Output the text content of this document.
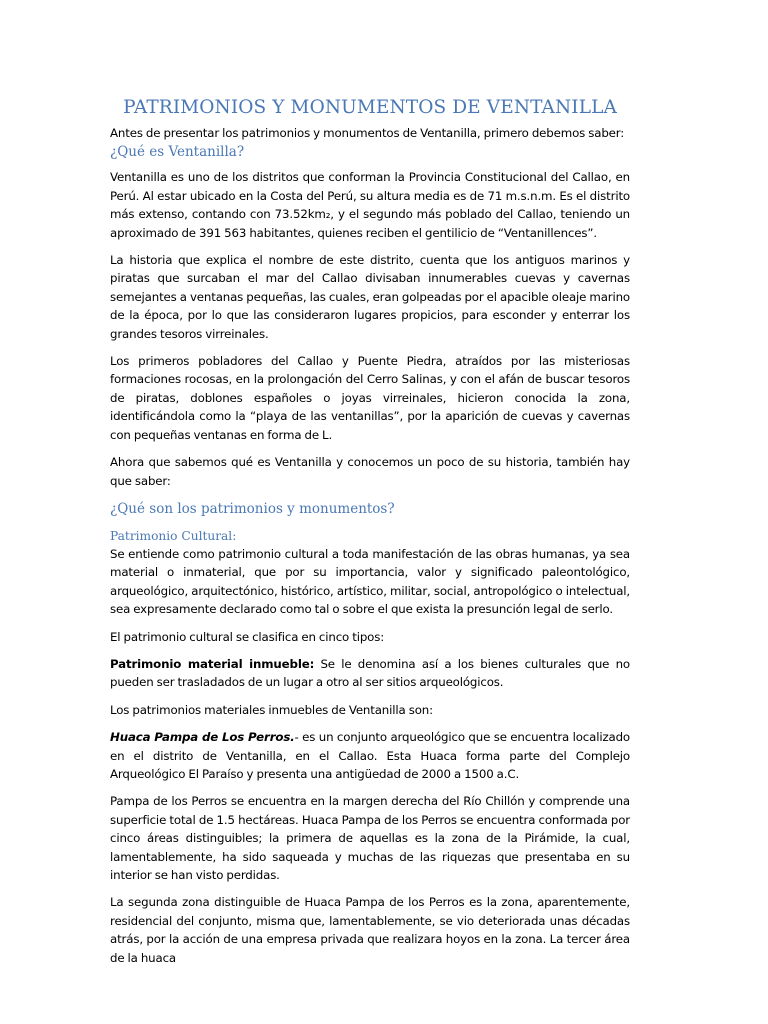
PATRIMONIOS Y MONUMENTOS DE VENTANILLA

Antes de presentar los patrimonios y monumentos de Ventanilla, primero debemos saber:

¿Qué es Ventanilla?

Ventanilla es uno de los distritos que conforman la Provincia Constitucional del Callao, en Perú. Al estar ubicado en la Costa del Perú, su altura media es de 71 m.s.n.m. Es el distrito más extenso, contando con 73.52km₂, y el segundo más poblado del Callao, teniendo un aproximado de 391 563 habitantes, quienes reciben el gentilicio de “Ventanillences”.

La historia que explica el nombre de este distrito, cuenta que los antiguos marinos y piratas que surcaban el mar del Callao divisaban innumerables cuevas y cavernas semejantes a ventanas pequeñas, las cuales, eran golpeadas por el apacible oleaje marino de la época, por lo que las consideraron lugares propicios, para esconder y enterrar los grandes tesoros virreinales.

Los primeros pobladores del Callao y Puente Piedra, atraídos por las misteriosas formaciones rocosas, en la prolongación del Cerro Salinas, y con el afán de buscar tesoros de piratas, doblones españoles o joyas virreinales, hicieron conocida la zona, identificándola como la “playa de las ventanillas”, por la aparición de cuevas y cavernas con pequeñas ventanas en forma de L.

Ahora que sabemos qué es Ventanilla y conocemos un poco de su historia, también hay que saber:

¿Qué son los patrimonios y monumentos?
Patrimonio Cultural:

Se entiende como patrimonio cultural a toda manifestación de las obras humanas, ya sea material o inmaterial, que por su importancia, valor y significado paleontológico, arqueológico, arquitectónico, histórico, artístico, militar, social, antropológico o intelectual, sea expresamente declarado como tal o sobre el que exista la presunción legal de serlo.

El patrimonio cultural se clasifica en cinco tipos:

Patrimonio material inmueble: Se le denomina así a los bienes culturales que no pueden ser trasladados de un lugar a otro al ser sitios arqueológicos.

Los patrimonios materiales inmuebles de Ventanilla son:

Huaca Pampa de Los Perros.- es un conjunto arqueológico que se encuentra localizado en el distrito de Ventanilla, en el Callao. Esta Huaca forma parte del Complejo Arqueológico El Paraíso y presenta una antigüedad de 2000 a 1500 a.C.

Pampa de los Perros se encuentra en la margen derecha del Río Chillón y comprende una superficie total de 1.5 hectáreas. Huaca Pampa de los Perros se encuentra conformada por cinco áreas distinguibles; la primera de aquellas es la zona de la Pirámide, la cual, lamentablemente, ha sido saqueada y muchas de las riquezas que presentaba en su interior se han visto perdidas.

La segunda zona distinguible de Huaca Pampa de los Perros es la zona, aparentemente, residencial del conjunto, misma que, lamentablemente, se vio deteriorada unas décadas atrás, por la acción de una empresa privada que realizara hoyos en la zona. La tercer área de la huaca
